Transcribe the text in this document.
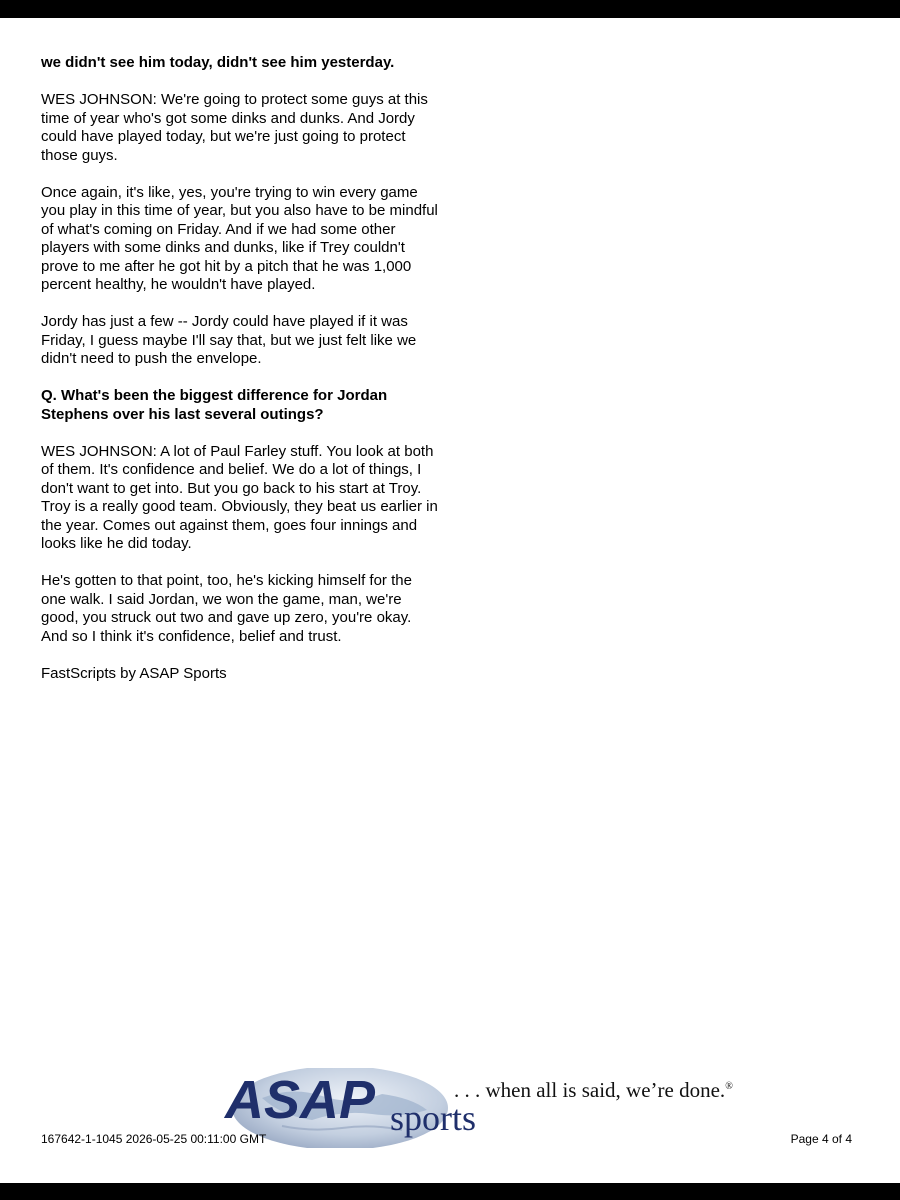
we didn't see him today, didn't see him yesterday.

WES JOHNSON: We're going to protect some guys at this time of year who's got some dinks and dunks. And Jordy could have played today, but we're just going to protect those guys.

Once again, it's like, yes, you're trying to win every game you play in this time of year, but you also have to be mindful of what's coming on Friday. And if we had some other players with some dinks and dunks, like if Trey couldn't prove to me after he got hit by a pitch that he was 1,000 percent healthy, he wouldn't have played.

Jordy has just a few -- Jordy could have played if it was Friday, I guess maybe I'll say that, but we just felt like we didn't need to push the envelope.

Q. What's been the biggest difference for Jordan Stephens over his last several outings?

WES JOHNSON: A lot of Paul Farley stuff. You look at both of them. It's confidence and belief. We do a lot of things, I don't want to get into. But you go back to his start at Troy. Troy is a really good team. Obviously, they beat us earlier in the year. Comes out against them, goes four innings and looks like he did today.

He's gotten to that point, too, he's kicking himself for the one walk. I said Jordan, we won the game, man, we're good, you struck out two and gave up zero, you're okay. And so I think it's confidence, belief and trust.

FastScripts by ASAP Sports

ASAP sports
. . . when all is said, we’re done.®
167642-1-1045 2026-05-25 00:11:00 GMT	Page 4 of 4
